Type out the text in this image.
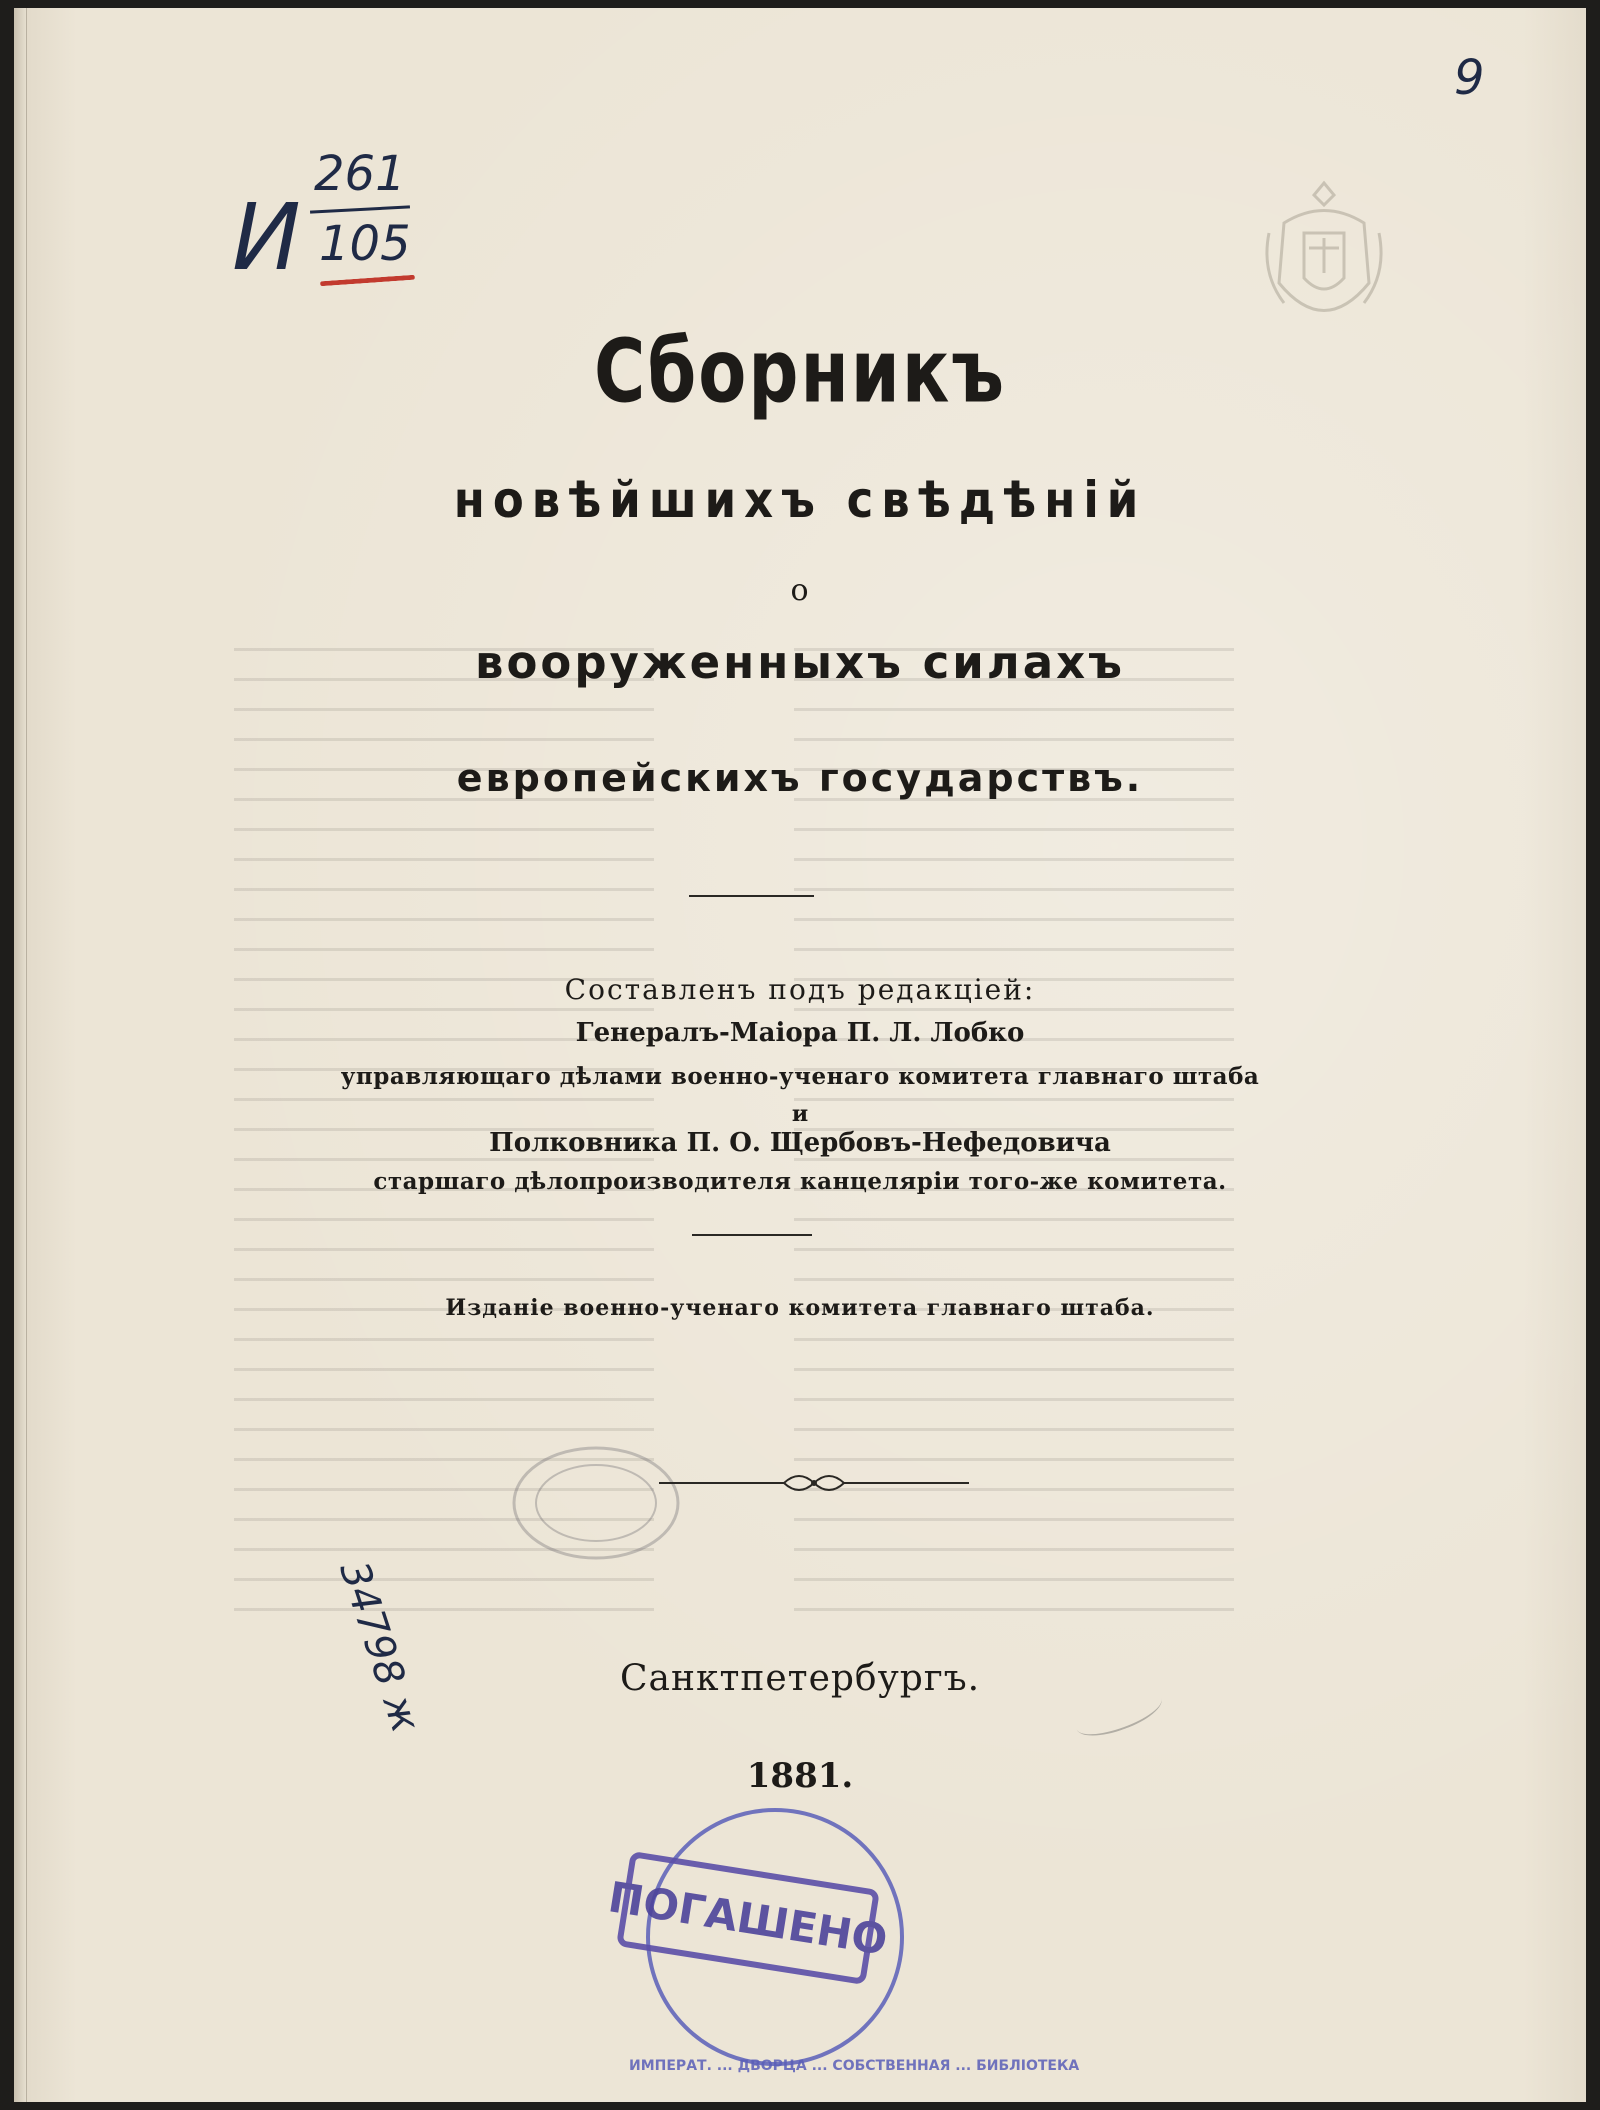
И
261
105
9
Сборникъ
новѣйшихъ свѣдѣній
о
вооруженныхъ силахъ
европейскихъ государствъ.
Составленъ подъ редакціей:
Генералъ-Маіора П. Л. Лобко
управляющаго дѣлами военно-ученаго комитета главнаго штаба
и
Полковника П. О. Щербовъ-Нефедовича
старшаго дѣлопроизводителя канцеляріи того-же комитета.
Изданіе военно-ученаго комитета главнаго штаба.
34798 ж	Санктпетербургъ.
1881.
ИМПЕРАТ. ... ДВОРЦА ... СОБСТВЕННАЯ ... БИБЛІОТЕКА
ПОГАШЕНО
